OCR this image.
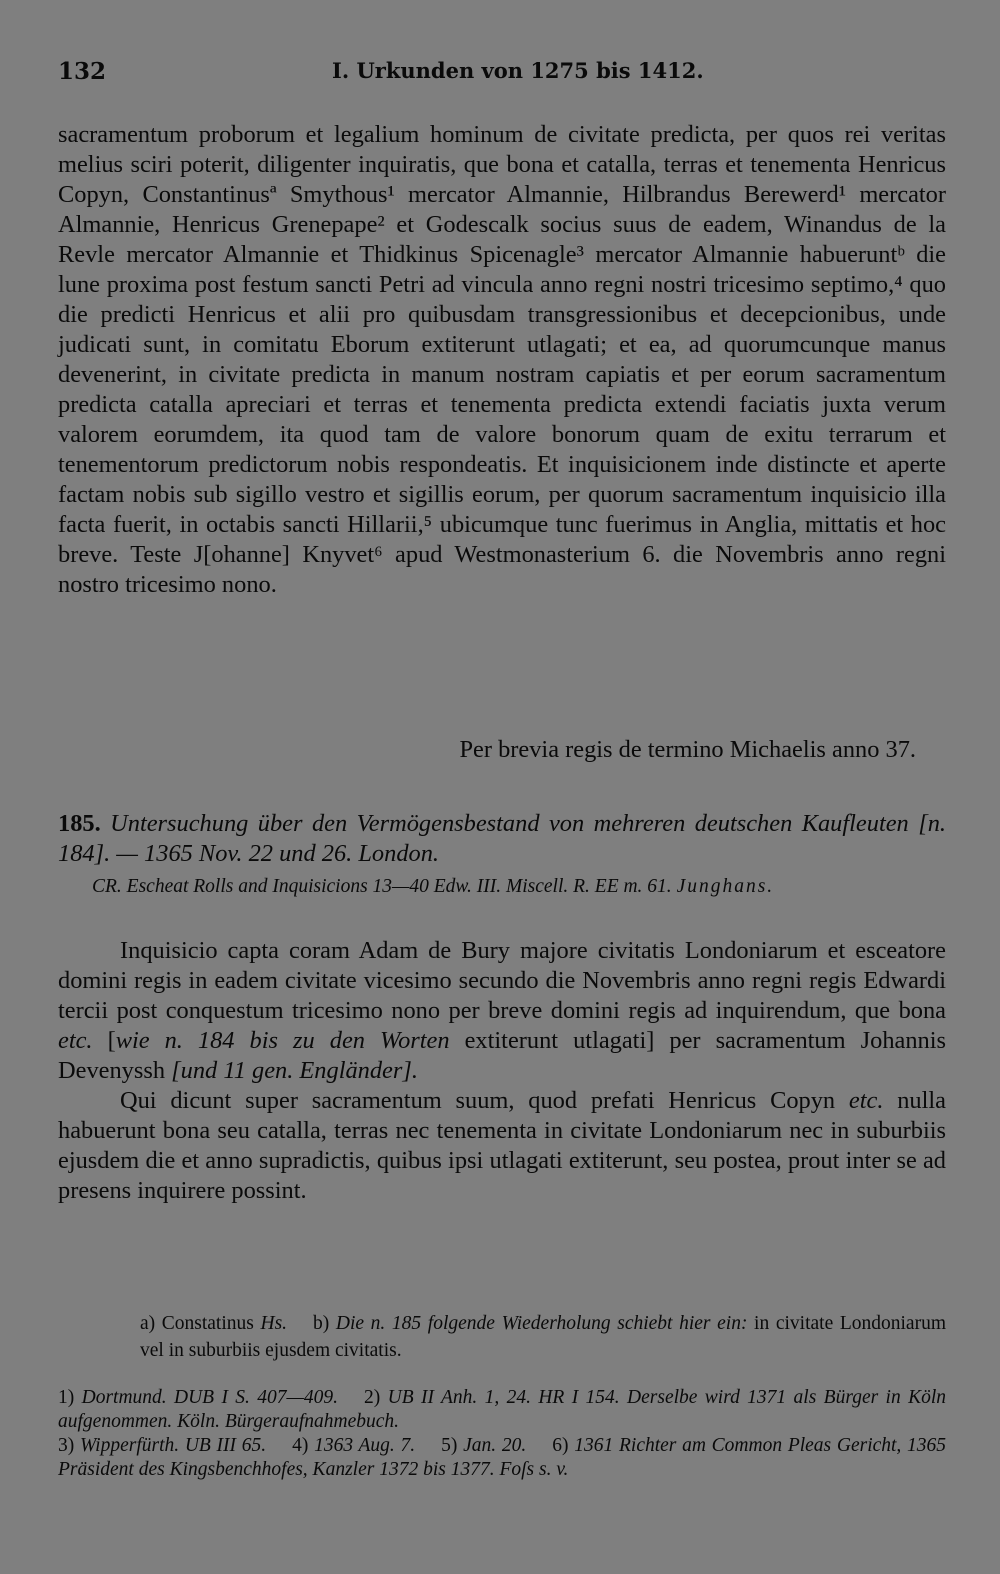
132	I. Urkunden von 1275 bis 1412.

sacramentum proborum et legalium hominum de civitate predicta, per quos rei veritas melius sciri poterit, diligenter inquiratis, que bona et catalla, terras et tenementa Henricus Copyn, Constantinusª Smythous¹ mercator Almannie, Hilbrandus Berewerd¹ mercator Almannie, Henricus Grenepape² et Godescalk socius suus de eadem, Winandus de la Revle mercator Almannie et Thidkinus Spicenagle³ mercator Almannie habueruntᵇ die lune proxima post festum sancti Petri ad vincula anno regni nostri tricesimo septimo,⁴ quo die predicti Henricus et alii pro quibusdam transgressionibus et decepcionibus, unde judicati sunt, in comitatu Eborum extiterunt utlagati; et ea, ad quorumcunque manus devenerint, in civitate predicta in manum nostram capiatis et per eorum sacramentum predicta catalla apreciari et terras et tenementa predicta extendi faciatis juxta verum valorem eorumdem, ita quod tam de valore bonorum quam de exitu terrarum et tenementorum predictorum nobis respondeatis. Et inquisicionem inde distincte et aperte factam nobis sub sigillo vestro et sigillis eorum, per quorum sacramentum inquisicio illa facta fuerit, in octabis sancti Hillarii,⁵ ubicumque tunc fuerimus in Anglia, mittatis et hoc breve. Teste J[ohanne] Knyvet⁶ apud Westmonasterium 6. die Novembris anno regni nostro tricesimo nono.

Per brevia regis de termino Michaelis anno 37.

185. Untersuchung über den Vermögensbestand von mehreren deutschen Kaufleuten [n. 184]. — 1365 Nov. 22 und 26. London.

CR. Escheat Rolls and Inquisicions 13—40 Edw. III. Miscell. R. EE m. 61. Junghans.

Inquisicio capta coram Adam de Bury majore civitatis Londoniarum et esceatore domini regis in eadem civitate vicesimo secundo die Novembris anno regni regis Edwardi tercii post conquestum tricesimo nono per breve domini regis ad inquirendum, que bona etc. [wie n. 184 bis zu den Worten extiterunt utlagati] per sacramentum Johannis Devenyssh [und 11 gen. Engländer].

Qui dicunt super sacramentum suum, quod prefati Henricus Copyn etc. nulla habuerunt bona seu catalla, terras nec tenementa in civitate Londoniarum nec in suburbiis ejusdem die et anno supradictis, quibus ipsi utlagati extiterunt, seu postea, prout inter se ad presens inquirere possint.

a) Constatinus Hs. b) Die n. 185 folgende Wiederholung schiebt hier ein: in civitate Londoniarum vel in suburbiis ejusdem civitatis.

1) Dortmund. DUB I S. 407—409. 2) UB II Anh. 1, 24. HR I 154. Derselbe wird 1371 als Bürger in Köln aufgenommen. Köln. Bürgeraufnahmebuch.
3) Wipperfürth. UB III 65. 4) 1363 Aug. 7. 5) Jan. 20. 6) 1361 Richter am Common Pleas Gericht, 1365 Präsident des Kingsbenchhofes, Kanzler 1372 bis 1377. Foſs s. v.
